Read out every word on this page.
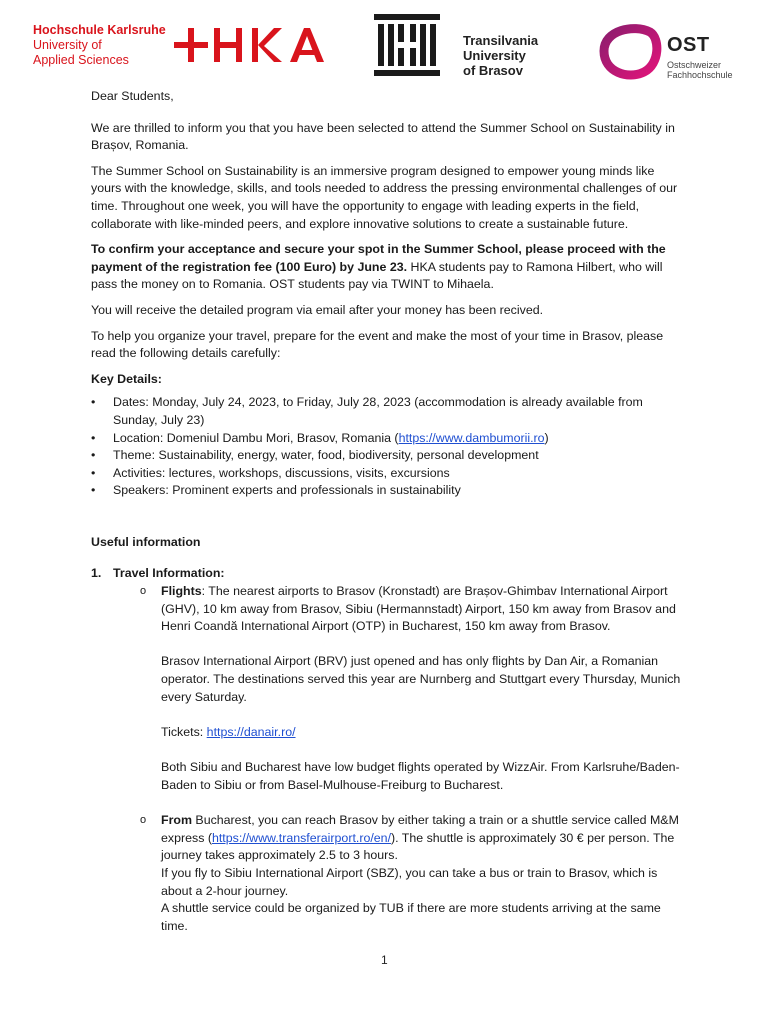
Hochschule Karlsruhe
University of
Applied Sciences
Transilvania
University
of Brasov
OST
Ostschweizer
Fachhochschule

Dear Students,

We are thrilled to inform you that you have been selected to attend the Summer School on Sustainability in Brașov, Romania.

The Summer School on Sustainability is an immersive program designed to empower young minds like yours with the knowledge, skills, and tools needed to address the pressing environmental challenges of our time. Throughout one week, you will have the opportunity to engage with leading experts in the field, collaborate with like-minded peers, and explore innovative solutions to create a sustainable future.

To confirm your acceptance and secure your spot in the Summer School, please proceed with the payment of the registration fee (100 Euro) by June 23. HKA students pay to Ramona Hilbert, who will pass the money on to Romania. OST students pay via TWINT to Mihaela.

You will receive the detailed program via email after your money has been recived.

To help you organize your travel, prepare for the event and make the most of your time in Brasov, please read the following details carefully:

Key Details:

• Dates: Monday, July 24, 2023, to Friday, July 28, 2023 (accommodation is already available from Sunday, July 23)
• Location: Domeniul Dambu Mori, Brasov, Romania (https://www.dambumorii.ro)
• Theme: Sustainability, energy, water, food, biodiversity, personal development
• Activities: lectures, workshops, discussions, visits, excursions
• Speakers: Prominent experts and professionals in sustainability

Useful information

1. Travel Information:

o Flights: The nearest airports to Brasov (Kronstadt) are Brașov-Ghimbav International Airport (GHV), 10 km away from Brasov, Sibiu (Hermannstadt) Airport, 150 km away from Brasov and Henri Coandă International Airport (OTP) in Bucharest, 150 km away from Brasov.

Brasov International Airport (BRV) just opened and has only flights by Dan Air, a Romanian operator. The destinations served this year are Nurnberg and Stuttgart every Thursday, Munich every Saturday.

Tickets: https://danair.ro/

Both Sibiu and Bucharest have low budget flights operated by WizzAir. From Karlsruhe/Baden-Baden to Sibiu or from Basel-Mulhouse-Freiburg to Bucharest.

o From Bucharest, you can reach Brasov by either taking a train or a shuttle service called M&M express (https://www.transferairport.ro/en/). The shuttle is approximately 30 € per person. The journey takes approximately 2.5 to 3 hours.

If you fly to Sibiu International Airport (SBZ), you can take a bus or train to Brasov, which is about a 2-hour journey.

A shuttle service could be organized by TUB if there are more students arriving at the same time.

1
